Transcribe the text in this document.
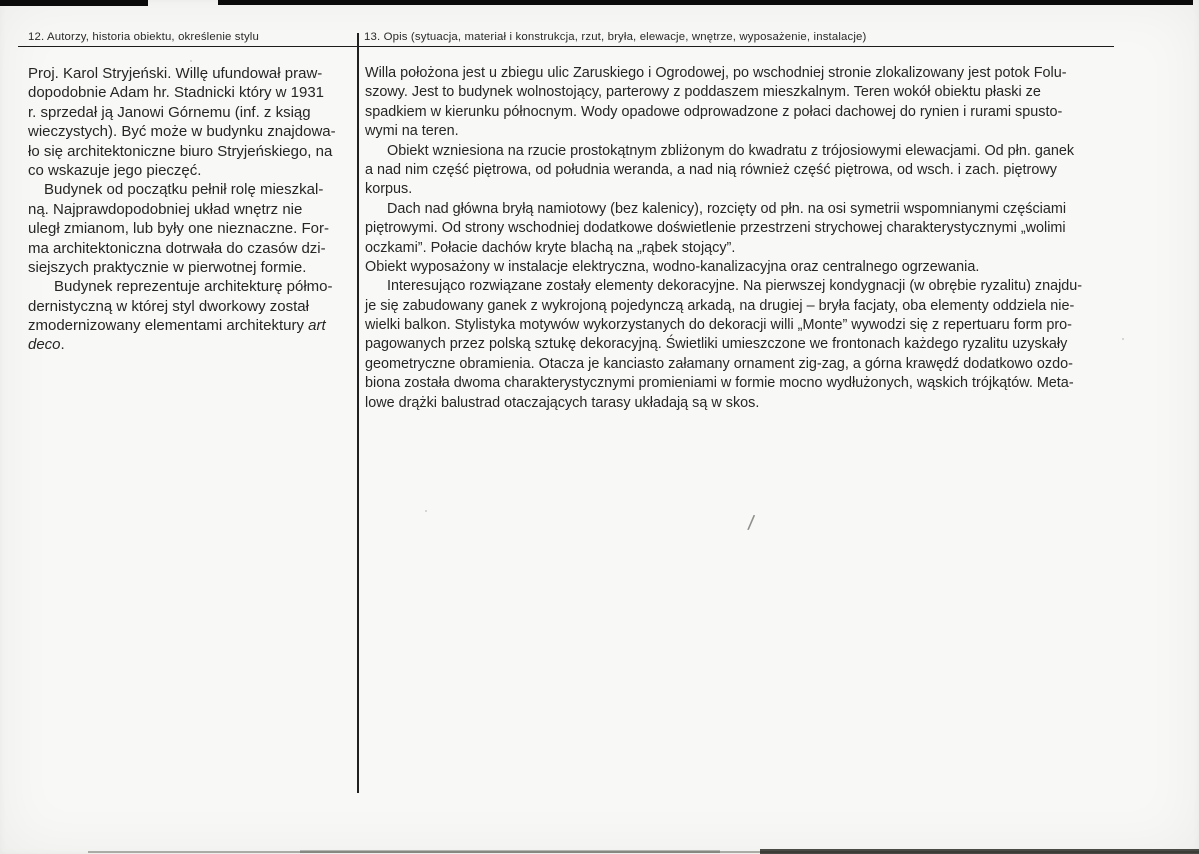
12. Autorzy, historia obiektu, określenie stylu	13. Opis (sytuacja, materiał i konstrukcja, rzut, bryła, elewacje, wnętrze, wyposażenie, instalacje)
Proj. Karol Stryjeński. Willę ufundował praw-
dopodobnie Adam hr. Stadnicki który w 1931
r. sprzedał ją Janowi Górnemu (inf. z ksiąg
wieczystych). Być może w budynku znajdowa-
ło się architektoniczne biuro Stryjeńskiego, na
co wskazuje jego pieczęć.
Budynek od początku pełnił rolę mieszkal-
ną. Najprawdopodobniej układ wnętrz nie
uległ zmianom, lub były one nieznaczne. For-
ma architektoniczna dotrwała do czasów dzi-
siejszych praktycznie w pierwotnej formie.
Budynek reprezentuje architekturę półmo-
dernistyczną w której styl dworkowy został
zmodernizowany elementami architektury art
deco.
Willa położona jest u zbiegu ulic Zaruskiego i Ogrodowej, po wschodniej stronie zlokalizowany jest potok Folu-
szowy. Jest to budynek wolnostojący, parterowy z poddaszem mieszkalnym. Teren wokół obiektu płaski ze
spadkiem w kierunku północnym. Wody opadowe odprowadzone z połaci dachowej do rynien i rurami spusto-
wymi na teren.
Obiekt wzniesiona na rzucie prostokątnym zbliżonym do kwadratu z trójosiowymi elewacjami. Od płn. ganek
a nad nim część piętrowa, od południa weranda, a nad nią również część piętrowa, od wsch. i zach. piętrowy
korpus.
Dach nad główna bryłą namiotowy (bez kalenicy), rozcięty od płn. na osi symetrii wspomnianymi częściami
piętrowymi. Od strony wschodniej dodatkowe doświetlenie przestrzeni strychowej charakterystycznymi „wolimi
oczkami”. Połacie dachów kryte blachą na „rąbek stojący”.
Obiekt wyposażony w instalacje elektryczna, wodno-kanalizacyjna oraz centralnego ogrzewania.
Interesująco rozwiązane zostały elementy dekoracyjne. Na pierwszej kondygnacji (w obrębie ryzalitu) znajdu-
je się zabudowany ganek z wykrojoną pojedynczą arkadą, na drugiej – bryła facjaty, oba elementy oddziela nie-
wielki balkon. Stylistyka motywów wykorzystanych do dekoracji willi „Monte” wywodzi się z repertuaru form pro-
pagowanych przez polską sztukę dekoracyjną. Świetliki umieszczone we frontonach każdego ryzalitu uzyskały
geometryczne obramienia. Otacza je kanciasto załamany ornament zig-zag, a górna krawędź dodatkowo ozdo-
biona została dwoma charakterystycznymi promieniami w formie mocno wydłużonych, wąskich trójkątów. Meta-
lowe drążki balustrad otaczających tarasy układają są w skos.
/
